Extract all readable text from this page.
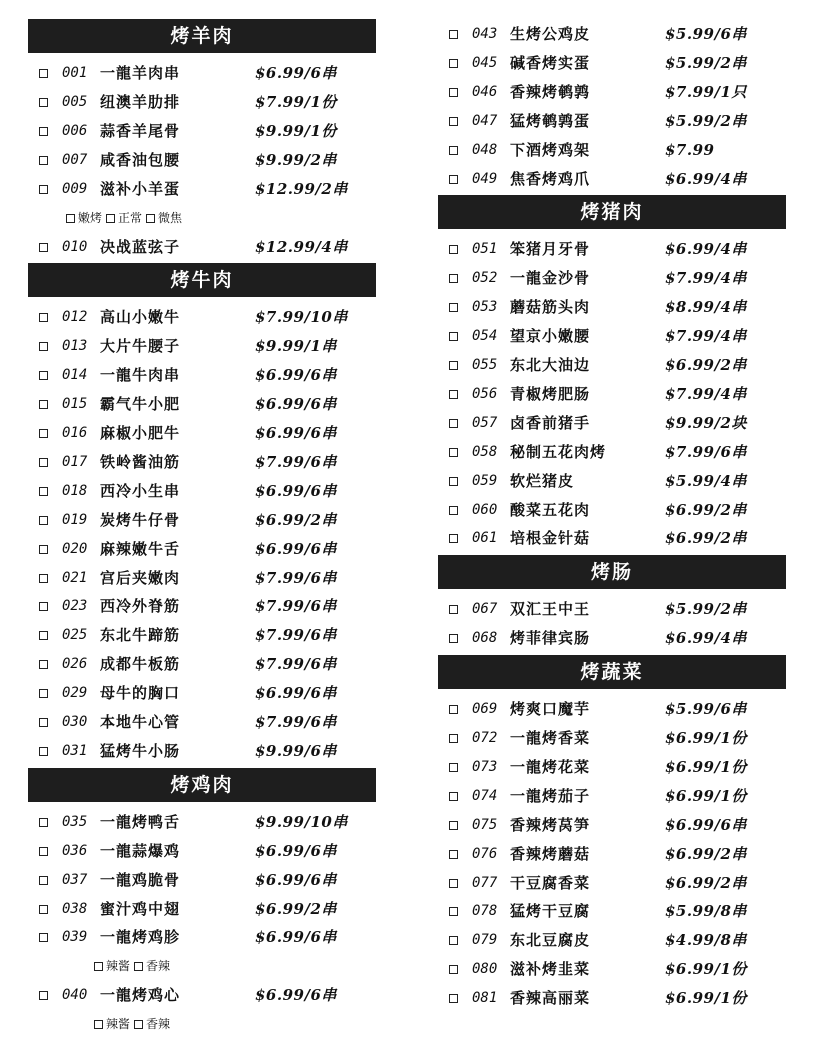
烤羊肉
001 一龍羊肉串	$6.99/6串
005 纽澳羊肋排	$7.99/1份
006 蒜香羊尾骨	$9.99/1份
007 咸香油包腰	$9.99/2串
009 滋补小羊蛋	$12.99/2串
嫩烤 正常 微焦
010 决战蓝弦子	$12.99/4串
烤牛肉
012 高山小嫩牛	$7.99/10串
013 大片牛腰子	$9.99/1串
014 一龍牛肉串	$6.99/6串
015 霸气牛小肥	$6.99/6串
016 麻椒小肥牛	$6.99/6串
017 铁岭酱油筋	$7.99/6串
018 西冷小生串	$6.99/6串
019 炭烤牛仔骨	$6.99/2串
020 麻辣嫩牛舌	$6.99/6串
021 宫后夹嫩肉	$7.99/6串
023 西冷外脊筋	$7.99/6串
025 东北牛蹄筋	$7.99/6串
026 成都牛板筋	$7.99/6串
029 母牛的胸口	$6.99/6串
030 本地牛心管	$7.99/6串
031 猛烤牛小肠	$9.99/6串
烤鸡肉
035 一龍烤鸭舌	$9.99/10串
036 一龍蒜爆鸡	$6.99/6串
037 一龍鸡脆骨	$6.99/6串
038 蜜汁鸡中翅	$6.99/2串
039 一龍烤鸡胗	$6.99/6串
辣酱 香辣
040 一龍烤鸡心	$6.99/6串
辣酱 香辣
043 生烤公鸡皮	$5.99/6串
045 碱香烤实蛋	$5.99/2串
046 香辣烤鹌鹑	$7.99/1只
047 猛烤鹌鹑蛋	$5.99/2串
048 下酒烤鸡架	$7.99
049 焦香烤鸡爪	$6.99/4串
烤猪肉
051 笨猪月牙骨	$6.99/4串
052 一龍金沙骨	$7.99/4串
053 蘑菇筋头肉	$8.99/4串
054 望京小嫩腰	$7.99/4串
055 东北大油边	$6.99/2串
056 青椒烤肥肠	$7.99/4串
057 卤香前猪手	$9.99/2块
058 秘制五花肉烤	$7.99/6串
059 软烂猪皮	$5.99/4串
060 酸菜五花肉	$6.99/2串
061 培根金针菇	$6.99/2串
烤肠
067 双汇王中王	$5.99/2串
068 烤菲律宾肠	$6.99/4串
烤蔬菜
069 烤爽口魔芋	$5.99/6串
072 一龍烤香菜	$6.99/1份
073 一龍烤花菜	$6.99/1份
074 一龍烤茄子	$6.99/1份
075 香辣烤莴笋	$6.99/6串
076 香辣烤蘑菇	$6.99/2串
077 干豆腐香菜	$6.99/2串
078 猛烤干豆腐	$5.99/8串
079 东北豆腐皮	$4.99/8串
080 滋补烤韭菜	$6.99/1份
081 香辣高丽菜	$6.99/1份
